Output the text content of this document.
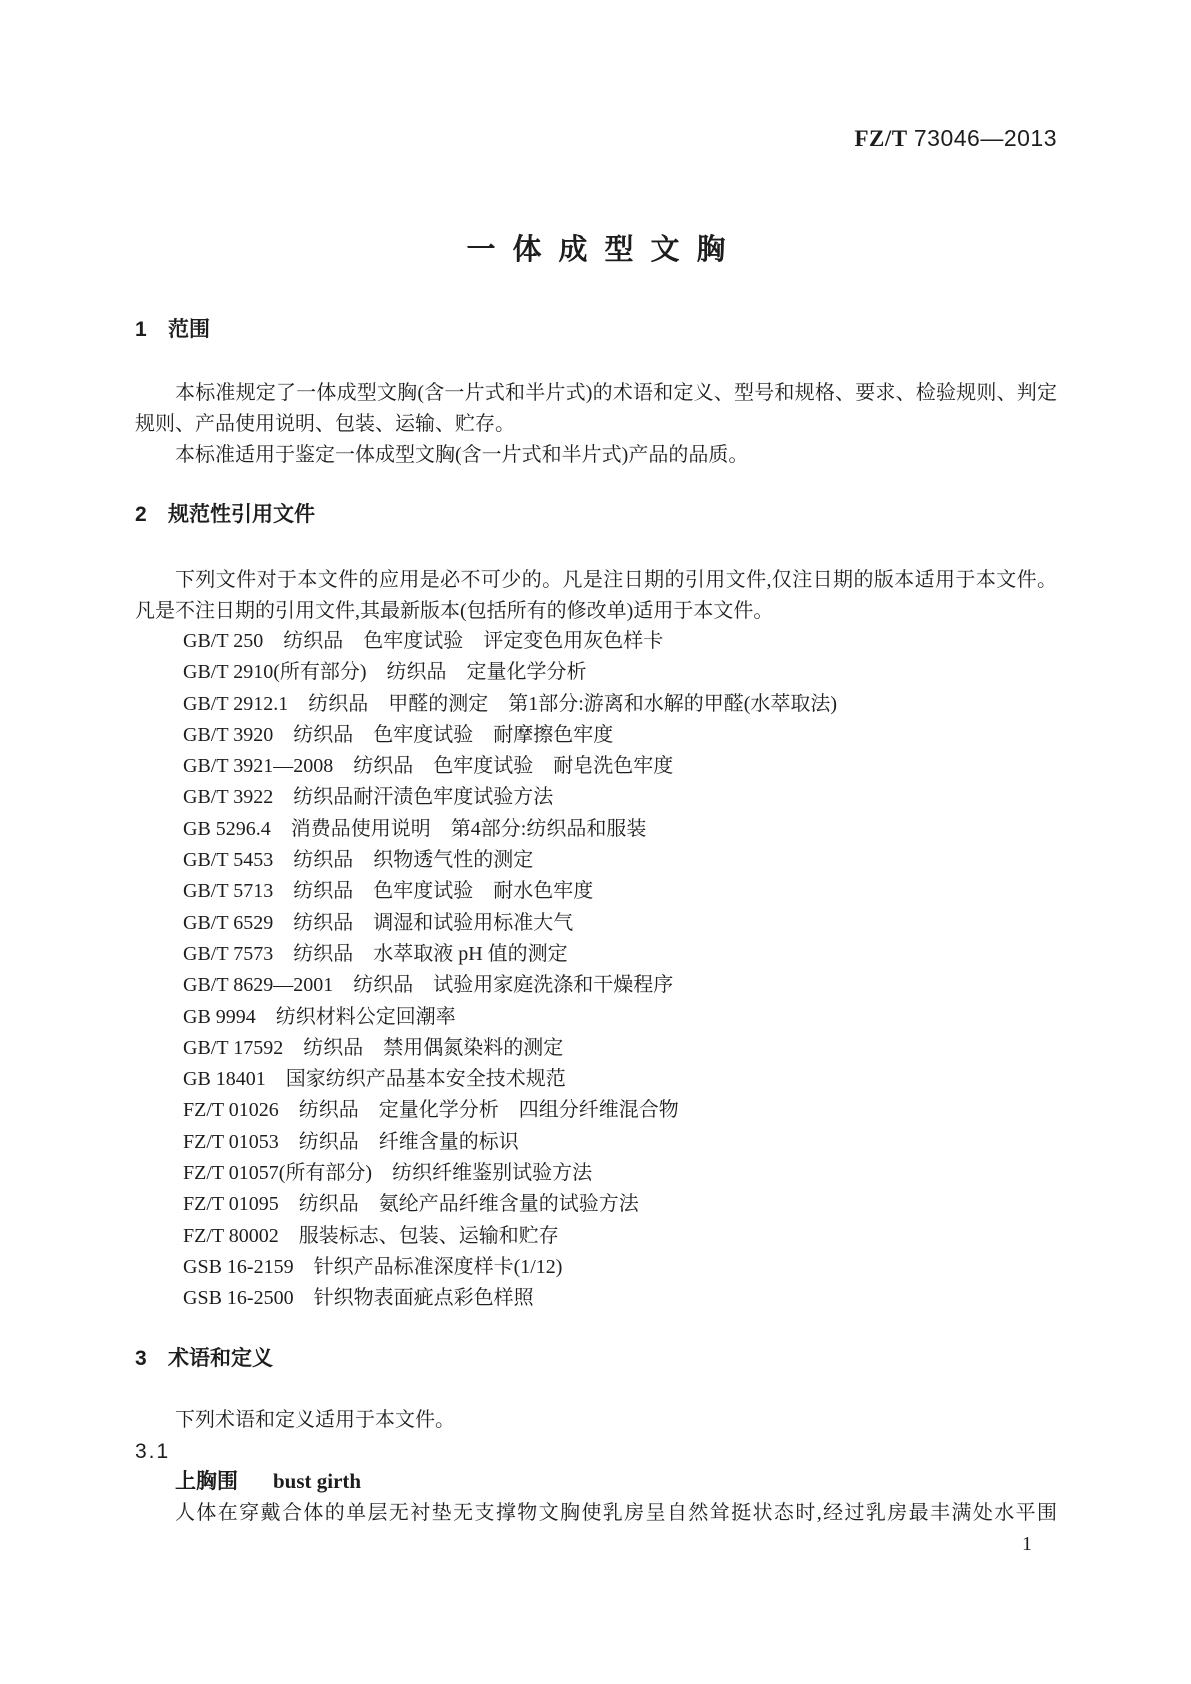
FZ/T 73046—2013
一体成型文胸
1 范围
本标准规定了一体成型文胸(含一片式和半片式)的术语和定义、型号和规格、要求、检验规则、判定规则、产品使用说明、包装、运输、贮存。
本标准适用于鉴定一体成型文胸(含一片式和半片式)产品的品质。
2 规范性引用文件
下列文件对于本文件的应用是必不可少的。凡是注日期的引用文件,仅注日期的版本适用于本文件。凡是不注日期的引用文件,其最新版本(包括所有的修改单)适用于本文件。
GB/T 250　纺织品　色牢度试验　评定变色用灰色样卡
GB/T 2910(所有部分)　纺织品　定量化学分析
GB/T 2912.1　纺织品　甲醛的测定　第1部分:游离和水解的甲醛(水萃取法)
GB/T 3920　纺织品　色牢度试验　耐摩擦色牢度
GB/T 3921—2008　纺织品　色牢度试验　耐皂洗色牢度
GB/T 3922　纺织品耐汗渍色牢度试验方法
GB 5296.4　消费品使用说明　第4部分:纺织品和服装
GB/T 5453　纺织品　织物透气性的测定
GB/T 5713　纺织品　色牢度试验　耐水色牢度
GB/T 6529　纺织品　调湿和试验用标准大气
GB/T 7573　纺织品　水萃取液 pH 值的测定
GB/T 8629—2001　纺织品　试验用家庭洗涤和干燥程序
GB 9994　纺织材料公定回潮率
GB/T 17592　纺织品　禁用偶氮染料的测定
GB 18401　国家纺织产品基本安全技术规范
FZ/T 01026　纺织品　定量化学分析　四组分纤维混合物
FZ/T 01053　纺织品　纤维含量的标识
FZ/T 01057(所有部分)　纺织纤维鉴别试验方法
FZ/T 01095　纺织品　氨纶产品纤维含量的试验方法
FZ/T 80002　服装标志、包装、运输和贮存
GSB 16-2159　针织产品标准深度样卡(1/12)
GSB 16-2500　针织物表面疵点彩色样照
3 术语和定义
下列术语和定义适用于本文件。
3.1
上胸围 bust girth
人体在穿戴合体的单层无衬垫无支撑物文胸使乳房呈自然耸挺状态时,经过乳房最丰满处水平围
1
